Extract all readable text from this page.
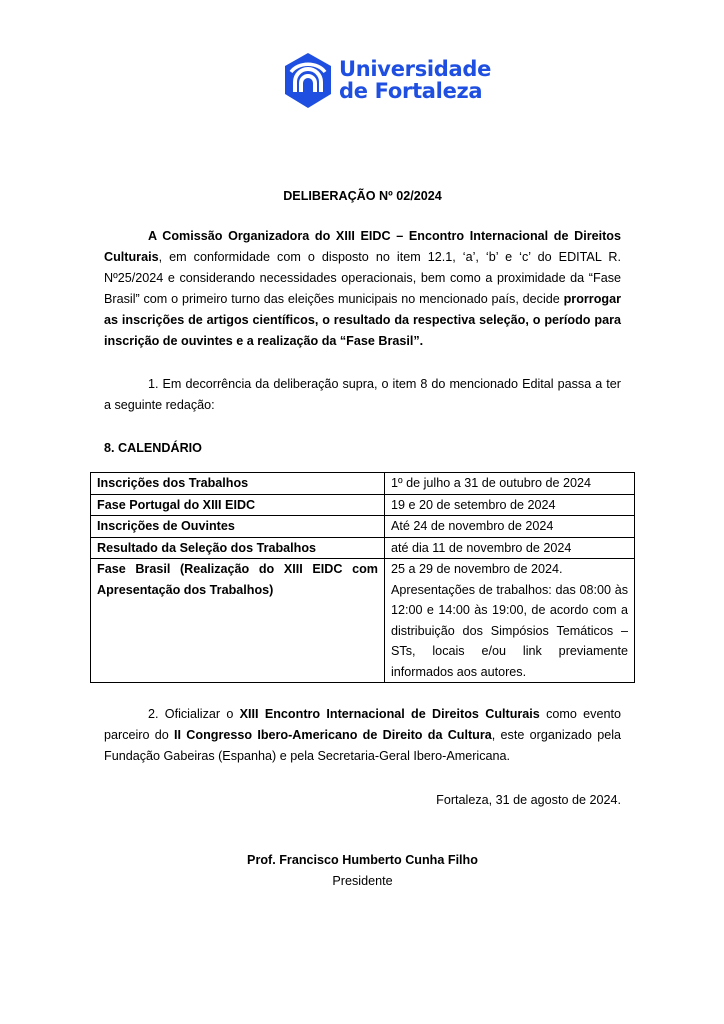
Universidade
de Fortaleza
DELIBERAÇÃO Nº 02/2024

A Comissão Organizadora do XIII EIDC – Encontro Internacional de Direitos Culturais, em conformidade com o disposto no item 12.1, ‘a’, ‘b’ e ‘c’ do EDITAL R. Nº25/2024 e considerando necessidades operacionais, bem como a proximidade da “Fase Brasil” com o primeiro turno das eleições municipais no mencionado país, decide prorrogar as inscrições de artigos científicos, o resultado da respectiva seleção, o período para inscrição de ouvintes e a realização da “Fase Brasil”.

1. Em decorrência da deliberação supra, o item 8 do mencionado Edital passa a ter a seguinte redação:

8. CALENDÁRIO
Inscrições dos Trabalhos	1º de julho a 31 de outubro de 2024
Fase Portugal do XIII EIDC	19 e 20 de setembro de 2024
Inscrições de Ouvintes	Até 24 de novembro de 2024
Resultado da Seleção dos Trabalhos	até dia 11 de novembro de 2024
Fase Brasil (Realização do XIII EIDC com Apresentação dos Trabalhos)	25 a 29 de novembro de 2024.
Apresentações de trabalhos: das 08:00 às 12:00 e 14:00 às 19:00, de acordo com a distribuição dos Simpósios Temáticos – STs, locais e/ou link previamente informados aos autores.

2. Oficializar o XIII Encontro Internacional de Direitos Culturais como evento parceiro do II Congresso Ibero-Americano de Direito da Cultura, este organizado pela Fundação Gabeiras (Espanha) e pela Secretaria-Geral Ibero-Americana.

Fortaleza, 31 de agosto de 2024.
Prof. Francisco Humberto Cunha Filho
Presidente
